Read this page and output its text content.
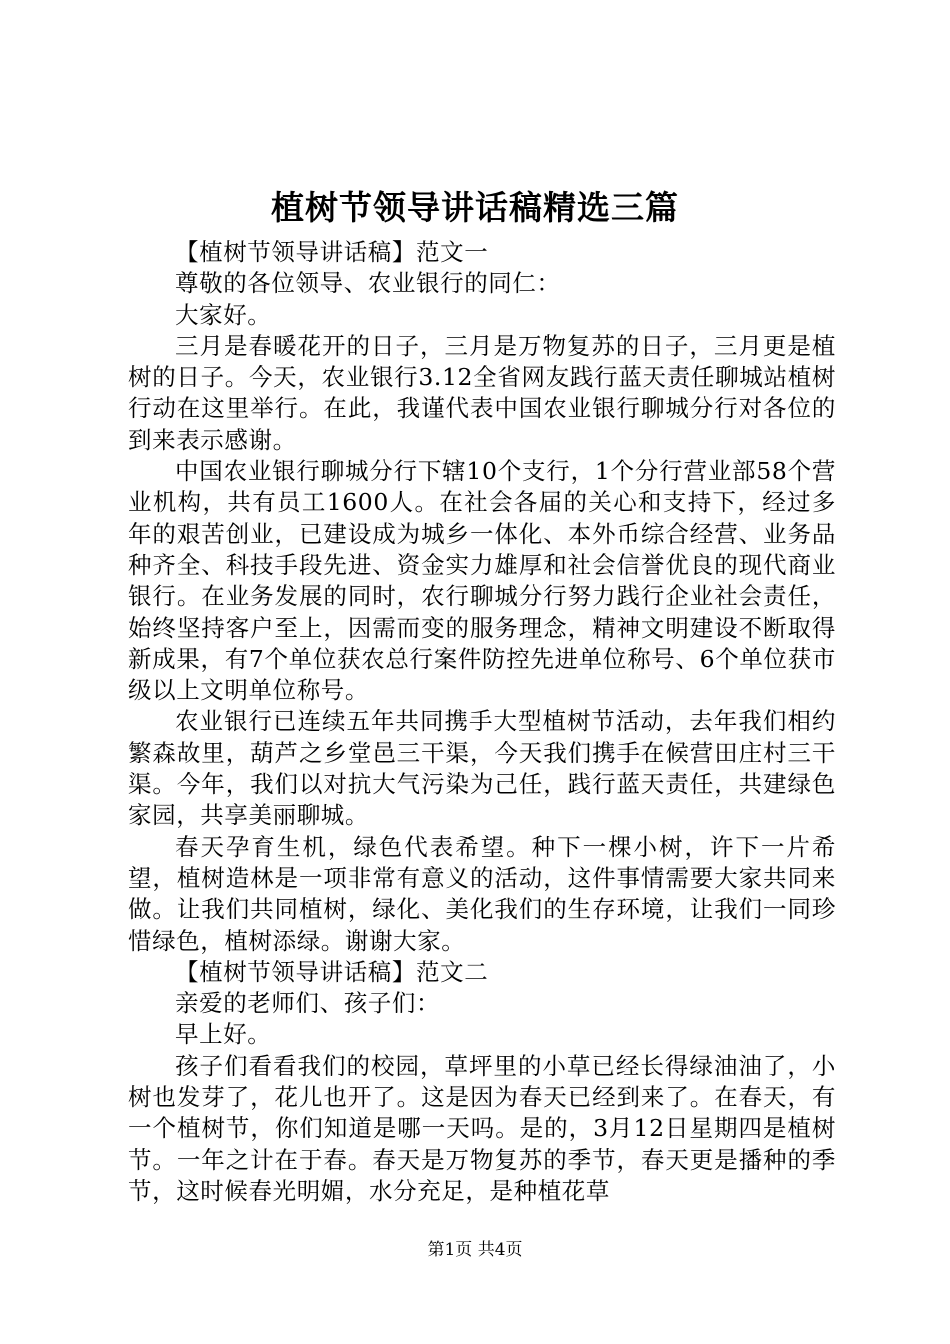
植树节领导讲话稿精选三篇

【植树节领导讲话稿】范文一

尊敬的各位领导、农业银行的同仁：

大家好。

三月是春暖花开的日子，三月是万物复苏的日子，三月更是植树的日子。今天，农业银行3.12全省网友践行蓝天责任聊城站植树行动在这里举行。在此，我谨代表中国农业银行聊城分行对各位的到来表示感谢。

中国农业银行聊城分行下辖10个支行，1个分行营业部58个营业机构，共有员工1600人。在社会各届的关心和支持下，经过多年的艰苦创业，已建设成为城乡一体化、本外币综合经营、业务品种齐全、科技手段先进、资金实力雄厚和社会信誉优良的现代商业银行。在业务发展的同时，农行聊城分行努力践行企业社会责任，始终坚持客户至上，因需而变的服务理念，精神文明建设不断取得新成果，有7个单位获农总行案件防控先进单位称号、6个单位获市级以上文明单位称号。

农业银行已连续五年共同携手大型植树节活动，去年我们相约繁森故里，葫芦之乡堂邑三干渠，今天我们携手在候营田庄村三干渠。今年，我们以对抗大气污染为己任，践行蓝天责任，共建绿色家园，共享美丽聊城。

春天孕育生机，绿色代表希望。种下一棵小树，许下一片希望，植树造林是一项非常有意义的活动，这件事情需要大家共同来做。让我们共同植树，绿化、美化我们的生存环境，让我们一同珍惜绿色，植树添绿。谢谢大家。

【植树节领导讲话稿】范文二

亲爱的老师们、孩子们：

早上好。

孩子们看看我们的校园，草坪里的小草已经长得绿油油了，小树也发芽了，花儿也开了。这是因为春天已经到来了。在春天，有一个植树节，你们知道是哪一天吗。是的，3月12日星期四是植树节。一年之计在于春。春天是万物复苏的季节，春天更是播种的季节，这时候春光明媚，水分充足，是种植花草

第1页 共4页
